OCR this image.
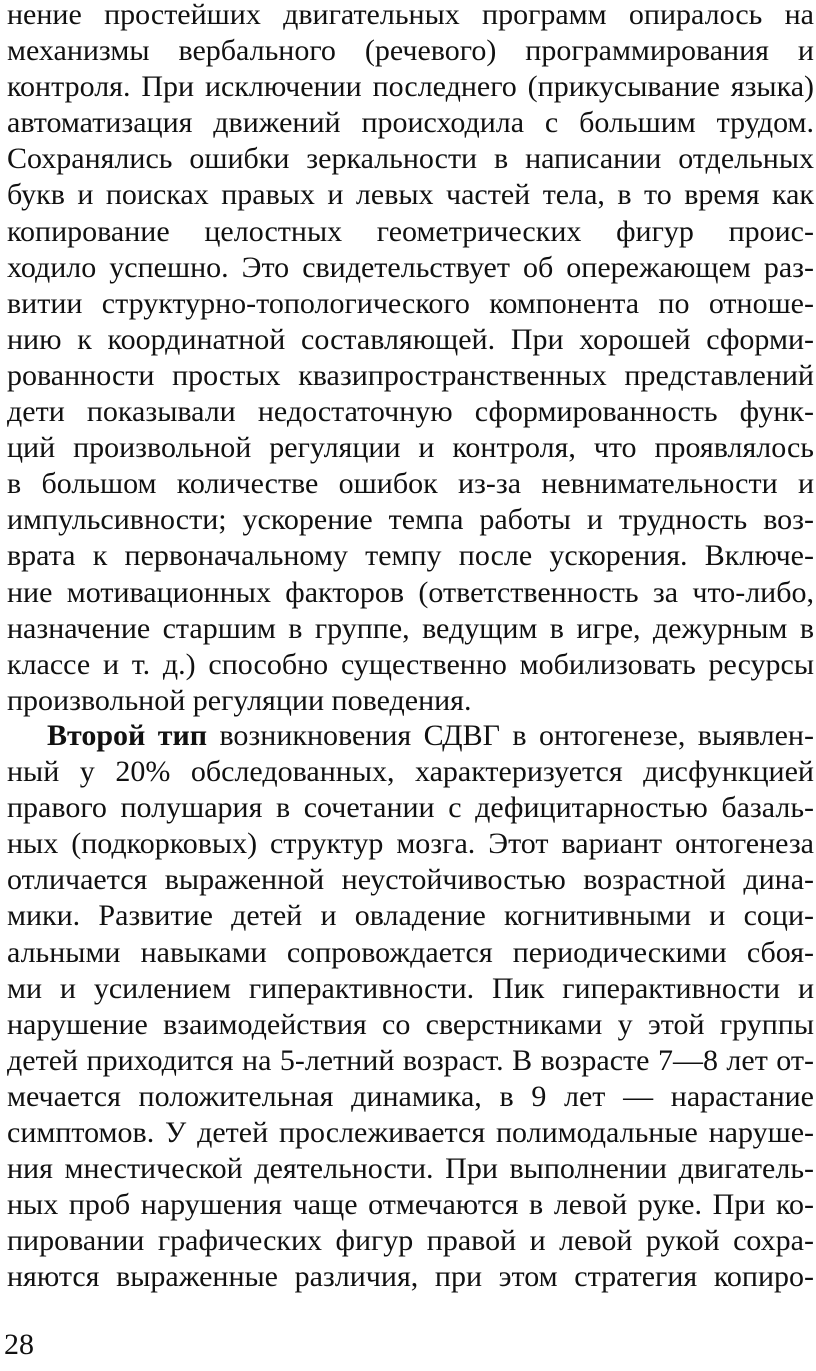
нение простейших двигательных программ опиралось на
механизмы вербального (речевого) программирования и
контроля. При исключении последнего (прикусывание языка)
автоматизация движений происходила с большим трудом.
Сохранялись ошибки зеркальности в написании отдельных
букв и поисках правых и левых частей тела, в то время как
копирование целостных геометрических фигур проис-
ходило успешно. Это свидетельствует об опережающем раз-
витии структурно-топологического компонента по отноше-
нию к координатной составляющей. При хорошей сформи-
рованности простых квазипространственных представлений
дети показывали недостаточную сформированность функ-
ций произвольной регуляции и контроля, что проявлялось
в большом количестве ошибок из-за невнимательности и
импульсивности; ускорение темпа работы и трудность воз-
врата к первоначальному темпу после ускорения. Включе-
ние мотивационных факторов (ответственность за что-либо,
назначение старшим в группе, ведущим в игре, дежурным в
классе и т. д.) способно существенно мобилизовать ресурсы
произвольной регуляции поведения.
Второй тип возникновения СДВГ в онтогенезе, выявлен-
ный у 20% обследованных, характеризуется дисфункцией
правого полушария в сочетании с дефицитарностью базаль-
ных (подкорковых) структур мозга. Этот вариант онтогенеза
отличается выраженной неустойчивостью возрастной дина-
мики. Развитие детей и овладение когнитивными и соци-
альными навыками сопровождается периодическими сбоя-
ми и усилением гиперактивности. Пик гиперактивности и
нарушение взаимодействия со сверстниками у этой группы
детей приходится на 5-летний возраст. В возрасте 7—8 лет от-
мечается положительная динамика, в 9 лет — нарастание
симптомов. У детей прослеживается полимодальные наруше-
ния мнестической деятельности. При выполнении двигатель-
ных проб нарушения чаще отмечаются в левой руке. При ко-
пировании графических фигур правой и левой рукой сохра-
няются выраженные различия, при этом стратегия копиро-
28
